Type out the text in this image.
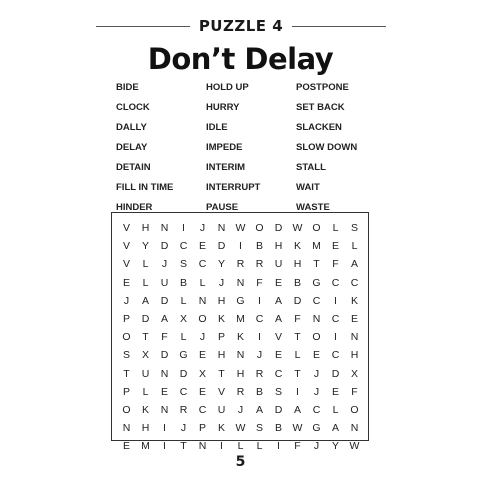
PUZZLE 4
Don’t Delay
BIDE
CLOCK
DALLY
DELAY
DETAIN
FILL IN TIME
HINDER
HOLD UP
HURRY
IDLE
IMPEDE
INTERIM
INTERRUPT
PAUSE
POSTPONE
SET BACK
SLACKEN
SLOW DOWN
STALL
WAIT
WASTE
V	H	N	I	J	N W O	D W O	L	S
V	Y	D	C	E	D	I	B	H	K	M	E	L
V	L	J	S	C	Y	R	R	U	H	T	F	A
E	L	U	B	L	J	N	F	E	B	G	C	C
J	A	D	L	N	H	G	I	A	D	C	I	K
P	D	A	X	O	K	M	C	A	F	N	C	E
O	T	F	L	J	P	K	I	V	T	O	I	N
S	X	D	G	E	H	N	J	E	L	E	C	H
T	U	N	D	X	T	H	R	C	T	J	D	X
P	L	E	C	E	V	R	B	S	I	J	E	F
O	K	N	R	C	U	J	A	D	A	C	L	O
N	H	I	J	P	K	W	S	B	W G	A	N
E	M	I	T	N	I	L	L	I	F	J	Y	W
5
